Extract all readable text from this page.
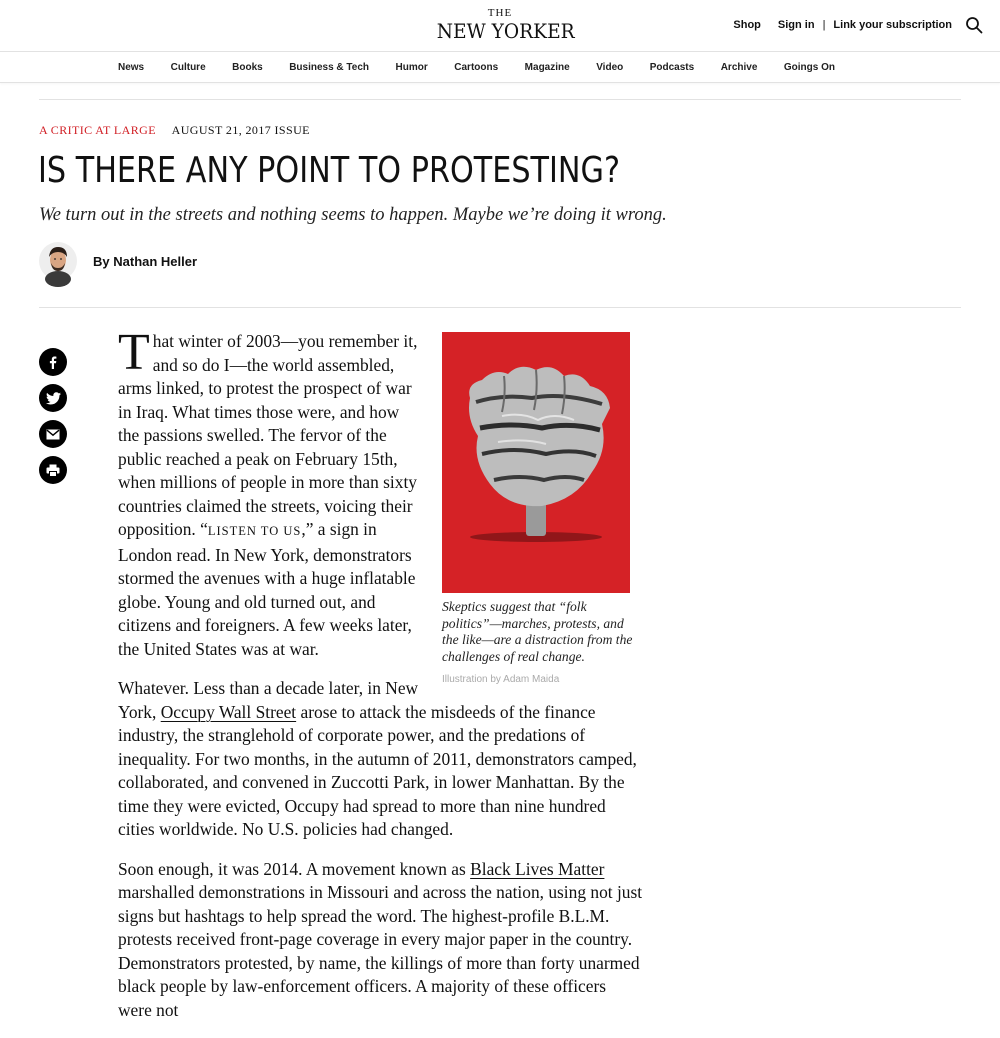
THE
NEW YORKER	Shop Sign in | Link your subscription
News	Culture	Books	Business & Tech	Humor	Cartoons	Magazine	Video	Podcasts	Archive	Goings On
A CRITIC AT LARGE AUGUST 21, 2017 ISSUE
IS THERE ANY POINT TO PROTESTING?
We turn out in the streets and nothing seems to happen. Maybe we’re doing it wrong.
By Nathan Heller
Skeptics suggest that “folk politics”—marches, protests, and the like—are a distraction from the challenges of real change.
Illustration by Adam Maida

That winter of 2003—you remember it, and so do I—the world assembled, arms linked, to protest the prospect of war in Iraq. What times those were, and how the passions swelled. The fervor of the public reached a peak on February 15th, when millions of people in more than sixty countries claimed the streets, voicing their opposition. “LISTEN TO US,” a sign in London read. In New York, demonstrators stormed the avenues with a huge inflatable globe. Young and old turned out, and citizens and foreigners. A few weeks later, the United States was at war.

Whatever. Less than a decade later, in New York, Occupy Wall Street arose to attack the misdeeds of the finance industry, the stranglehold of corporate power, and the predations of inequality. For two months, in the autumn of 2011, demonstrators camped, collaborated, and convened in Zuccotti Park, in lower Manhattan. By the time they were evicted, Occupy had spread to more than nine hundred cities worldwide. No U.S. policies had changed.

Soon enough, it was 2014. A movement known as Black Lives Matter marshalled demonstrations in Missouri and across the nation, using not just signs but hashtags to help spread the word. The highest-profile B.L.M. protests received front-page coverage in every major paper in the country. Demonstrators protested, by name, the killings of more than forty unarmed black people by law-enforcement officers. A majority of these officers were not
